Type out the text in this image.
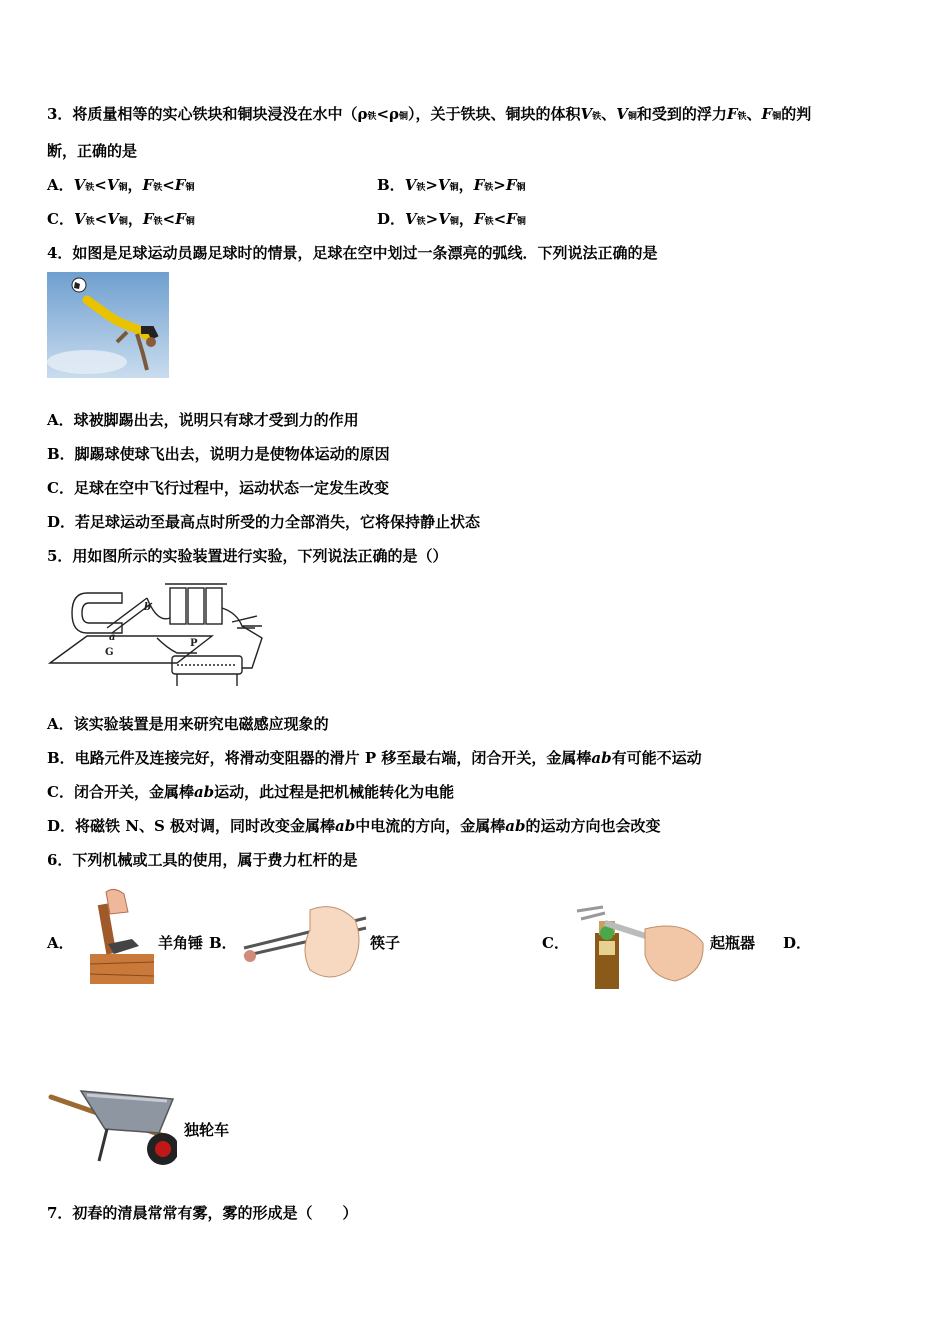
3．将质量相等的实心铁块和铜块浸没在水中（ρ铁<ρ铜），关于铁块、铜块的体积V铁、V铜和受到的浮力F铁、F铜的判
断，正确的是
A．V铁<V铜，F铁<F铜	B．V铁>V铜，F铁>F铜
C．V铁<V铜，F铁<F铜	D．V铁>V铜，F铁<F铜
4．如图是足球运动员踢足球时的情景，足球在空中划过一条漂亮的弧线．下列说法正确的是
A．球被脚踢出去，说明只有球才受到力的作用
B．脚踢球使球飞出去，说明力是使物体运动的原因
C．足球在空中飞行过程中，运动状态一定发生改变
D．若足球运动至最高点时所受的力全部消失，它将保持静止状态
5．用如图所示的实验装置进行实验，下列说法正确的是（）
b
a
G
P
A．该实验装置是用来研究电磁感应现象的
B．电路元件及连接完好，将滑动变阻器的滑片 P 移至最右端，闭合开关，金属棒ab有可能不运动
C．闭合开关，金属棒ab运动，此过程是把机械能转化为电能
D．将磁铁 N、S 极对调，同时改变金属棒ab中电流的方向，金属棒ab的运动方向也会改变
6．下列机械或工具的使用，属于费力杠杆的是
A．	羊角锤 B．	筷子	C．	起瓶器 D．
独轮车
7．初春的清晨常常有雾，雾的形成是（　　）
